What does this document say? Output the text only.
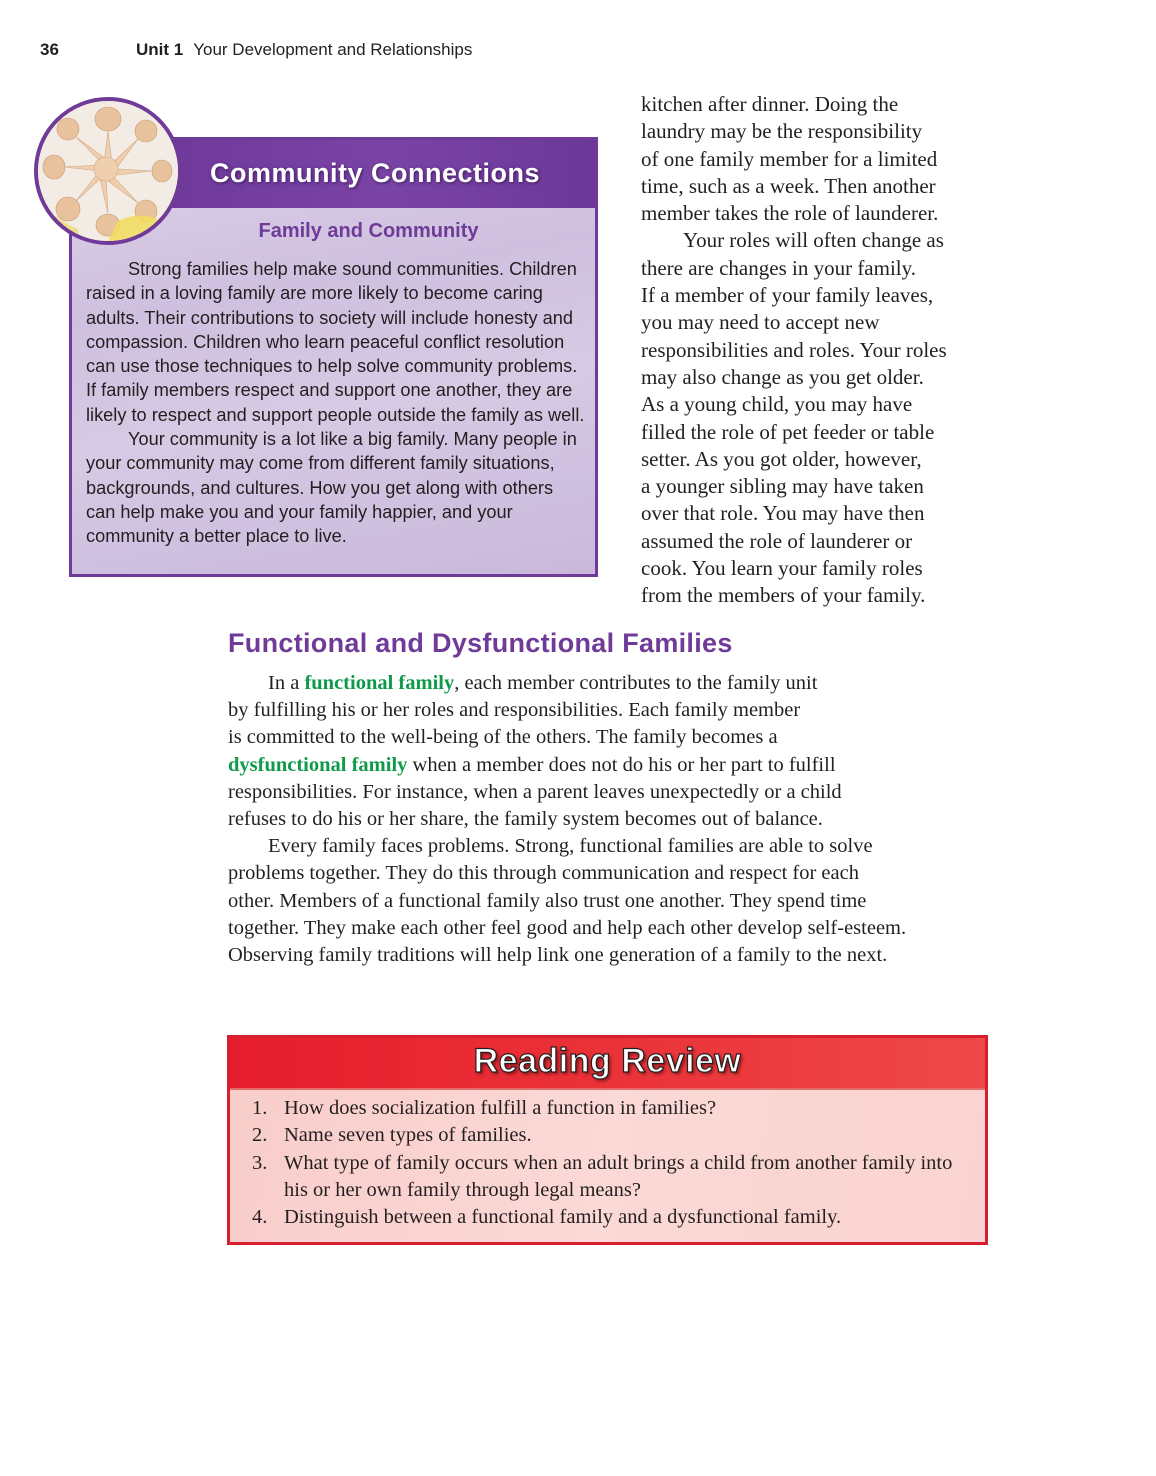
36	Unit 1 Your Development and Relationships
Community Connections
Family and Community

Strong families help make sound communities. Children raised in a loving family are more likely to become caring adults. Their contributions to society will include honesty and compassion. Children who learn peaceful conflict resolution can use those techniques to help solve community problems. If family members respect and support one another, they are likely to respect and support people outside the family as well.

Your community is a lot like a big family. Many people in your community may come from different family situations, backgrounds, and cultures. How you get along with others can help make you and your family happier, and your community a better place to live.

kitchen after dinner. Doing the
laundry may be the responsibility
of one family member for a limited
time, such as a week. Then another
member takes the role of launderer.

Your roles will often change as
there are changes in your family.
If a member of your family leaves,
you may need to accept new
responsibilities and roles. Your roles
may also change as you get older.
As a young child, you may have
filled the role of pet feeder or table
setter. As you got older, however,
a younger sibling may have taken
over that role. You may have then
assumed the role of launderer or
cook. You learn your family roles
from the members of your family.

Functional and Dysfunctional Families
In a functional family, each member contributes to the family unit
by fulfilling his or her roles and responsibilities. Each family member
is committed to the well-being of the others. The family becomes a
dysfunctional family when a member does not do his or her part to fulfill
responsibilities. For instance, when a parent leaves unexpectedly or a child
refuses to do his or her share, the family system becomes out of balance.
Every family faces problems. Strong, functional families are able to solve
problems together. They do this through communication and respect for each
other. Members of a functional family also trust one another. They spend time
together. They make each other feel good and help each other develop self-esteem.
Observing family traditions will help link one generation of a family to the next.
Reading Review
1. How does socialization fulfill a function in families?
2. Name seven types of families.
3. What type of family occurs when an adult brings a child from another family into his or her own family through legal means?
4. Distinguish between a functional family and a dysfunctional family.
